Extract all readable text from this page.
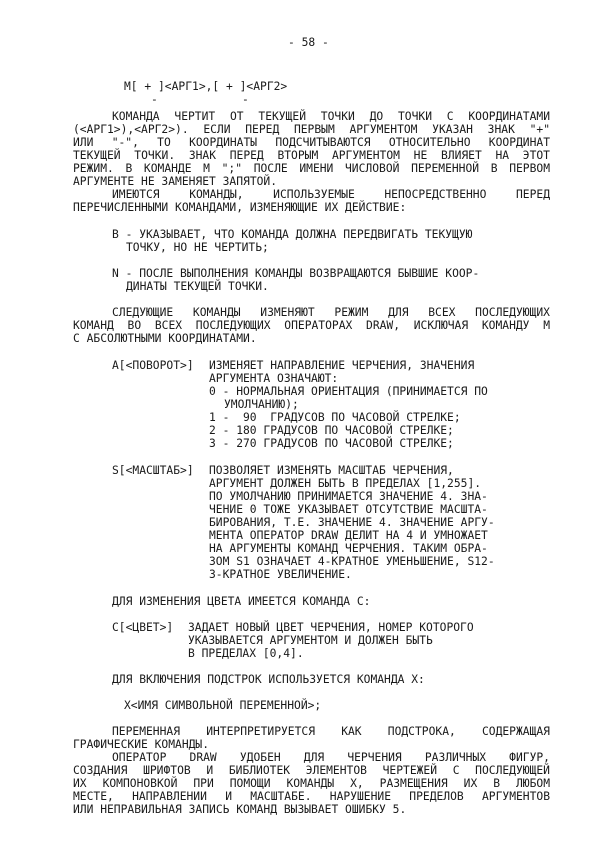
- 58 -
M[ + ]<АРГ1>,[ + ]<АРГ2>
-	-
КОМАНДА ЧЕРТИТ ОТ ТЕКУЩЕЙ ТОЧКИ ДО ТОЧКИ С КООРДИНАТАМИ
(<АРГ1>),<АРГ2>). ЕСЛИ ПЕРЕД ПЕРВЫМ АРГУМЕНТОМ УКАЗАН ЗНАК "+"
ИЛИ "-", ТО КООРДИНАТЫ ПОДСЧИТЫВАЮТСЯ ОТНОСИТЕЛЬНО КООРДИНАТ
ТЕКУЩЕЙ ТОЧКИ. ЗНАК ПЕРЕД ВТОРЫМ АРГУМЕНТОМ НЕ ВЛИЯЕТ НА ЭТОТ
РЕЖИМ. В КОМАНДЕ М ";" ПОСЛЕ ИМЕНИ ЧИСЛОВОЙ ПЕРЕМЕННОЙ В ПЕРВОМ
АРГУМЕНТЕ НЕ ЗАМЕНЯЕТ ЗАПЯТОЙ.
ИМЕЮТСЯ КОМАНДЫ, ИСПОЛЬЗУЕМЫЕ НЕПОСРЕДСТВЕННО ПЕРЕД
ПЕРЕЧИСЛЕННЫМИ КОМАНДАМИ, ИЗМЕНЯЮЩИЕ ИХ ДЕЙСТВИЕ:
B - УКАЗЫВАЕТ, ЧТО КОМАНДА ДОЛЖНА ПЕРЕДВИГАТЬ ТЕКУЩУЮ
ТОЧКУ, НО НЕ ЧЕРТИТЬ;
N - ПОСЛЕ ВЫПОЛНЕНИЯ КОМАНДЫ ВОЗВРАЩАЮТСЯ БЫВШИЕ КООР-
ДИНАТЫ ТЕКУЩЕЙ ТОЧКИ.
СЛЕДУЮЩИЕ КОМАНДЫ ИЗМЕНЯЮТ РЕЖИМ ДЛЯ ВСЕХ ПОСЛЕДУЮЩИХ
КОМАНД ВО ВСЕХ ПОСЛЕДУЮЩИХ ОПЕРАТОРАХ DRAW, ИСКЛЮЧАЯ КОМАНДУ M
С АБСОЛЮТНЫМИ КООРДИНАТАМИ.
A[<ПОВОРОТ>] ИЗМЕНЯЕТ НАПРАВЛЕНИЕ ЧЕРЧЕНИЯ, ЗНАЧЕНИЯ
АРГУМЕНТА ОЗНАЧАЮТ:
0 - НОРМАЛЬНАЯ ОРИЕНТАЦИЯ (ПРИНИМАЕТСЯ ПО
УМОЛЧАНИЮ);
1 -  90  ГРАДУСОВ ПО ЧАСОВОЙ СТРЕЛКЕ;
2 - 180 ГРАДУСОВ ПО ЧАСОВОЙ СТРЕЛКЕ;
3 - 270 ГРАДУСОВ ПО ЧАСОВОЙ СТРЕЛКЕ;
S[<МАСШТАБ>] ПОЗВОЛЯЕТ ИЗМЕНЯТЬ МАСШТАБ ЧЕРЧЕНИЯ,
АРГУМЕНТ ДОЛЖЕН БЫТЬ В ПРЕДЕЛАХ [1,255].
ПО УМОЛЧАНИЮ ПРИНИМАЕТСЯ ЗНАЧЕНИЕ 4. ЗНА-
ЧЕНИЕ 0 ТОЖЕ УКАЗЫВАЕТ ОТСУТСТВИЕ МАСШТА-
БИРОВАНИЯ, Т.Е. ЗНАЧЕНИЕ 4. ЗНАЧЕНИЕ АРГУ-
МЕНТА ОПЕРАТОР DRAW ДЕЛИТ НА 4 И УМНОЖАЕТ
НА АРГУМЕНТЫ КОМАНД ЧЕРЧЕНИЯ. ТАКИМ ОБРА-
ЗОМ S1 ОЗНАЧАЕТ 4-КРАТНОЕ УМЕНЬШЕНИЕ, S12-
3-КРАТНОЕ УВЕЛИЧЕНИЕ.
ДЛЯ ИЗМЕНЕНИЯ ЦВЕТА ИМЕЕТСЯ КОМАНДА С:
C[<ЦВЕТ>] ЗАДАЕТ НОВЫЙ ЦВЕТ ЧЕРЧЕНИЯ, НОМЕР КОТОРОГО
УКАЗЫВАЕТСЯ АРГУМЕНТОМ И ДОЛЖЕН БЫТЬ
В ПРЕДЕЛАХ [0,4].
ДЛЯ ВКЛЮЧЕНИЯ ПОДСТРОК ИСПОЛЬЗУЕТСЯ КОМАНДА X:
X<ИМЯ СИМВОЛЬНОЙ ПЕРЕМЕННОЙ>;
ПЕРЕМЕННАЯ ИНТЕРПРЕТИРУЕТСЯ КАК ПОДСТРОКА, СОДЕРЖАЩАЯ
ГРАФИЧЕСКИЕ КОМАНДЫ.
ОПЕРАТОР DRAW УДОБЕН ДЛЯ ЧЕРЧЕНИЯ РАЗЛИЧНЫХ ФИГУР,
СОЗДАНИЯ ШРИФТОВ И БИБЛИОТЕК ЭЛЕМЕНТОВ ЧЕРТЕЖЕЙ С ПОСЛЕДУЮЩЕЙ
ИХ КОМПОНОВКОЙ ПРИ ПОМОЩИ КОМАНДЫ X, РАЗМЕЩЕНИЯ ИХ В ЛЮБОМ
МЕСТЕ, НАПРАВЛЕНИИ И МАСШТАБЕ. НАРУШЕНИЕ ПРЕДЕЛОВ АРГУМЕНТОВ
ИЛИ НЕПРАВИЛЬНАЯ ЗАПИСЬ КОМАНД ВЫЗЫВАЕТ ОШИБКУ 5.
